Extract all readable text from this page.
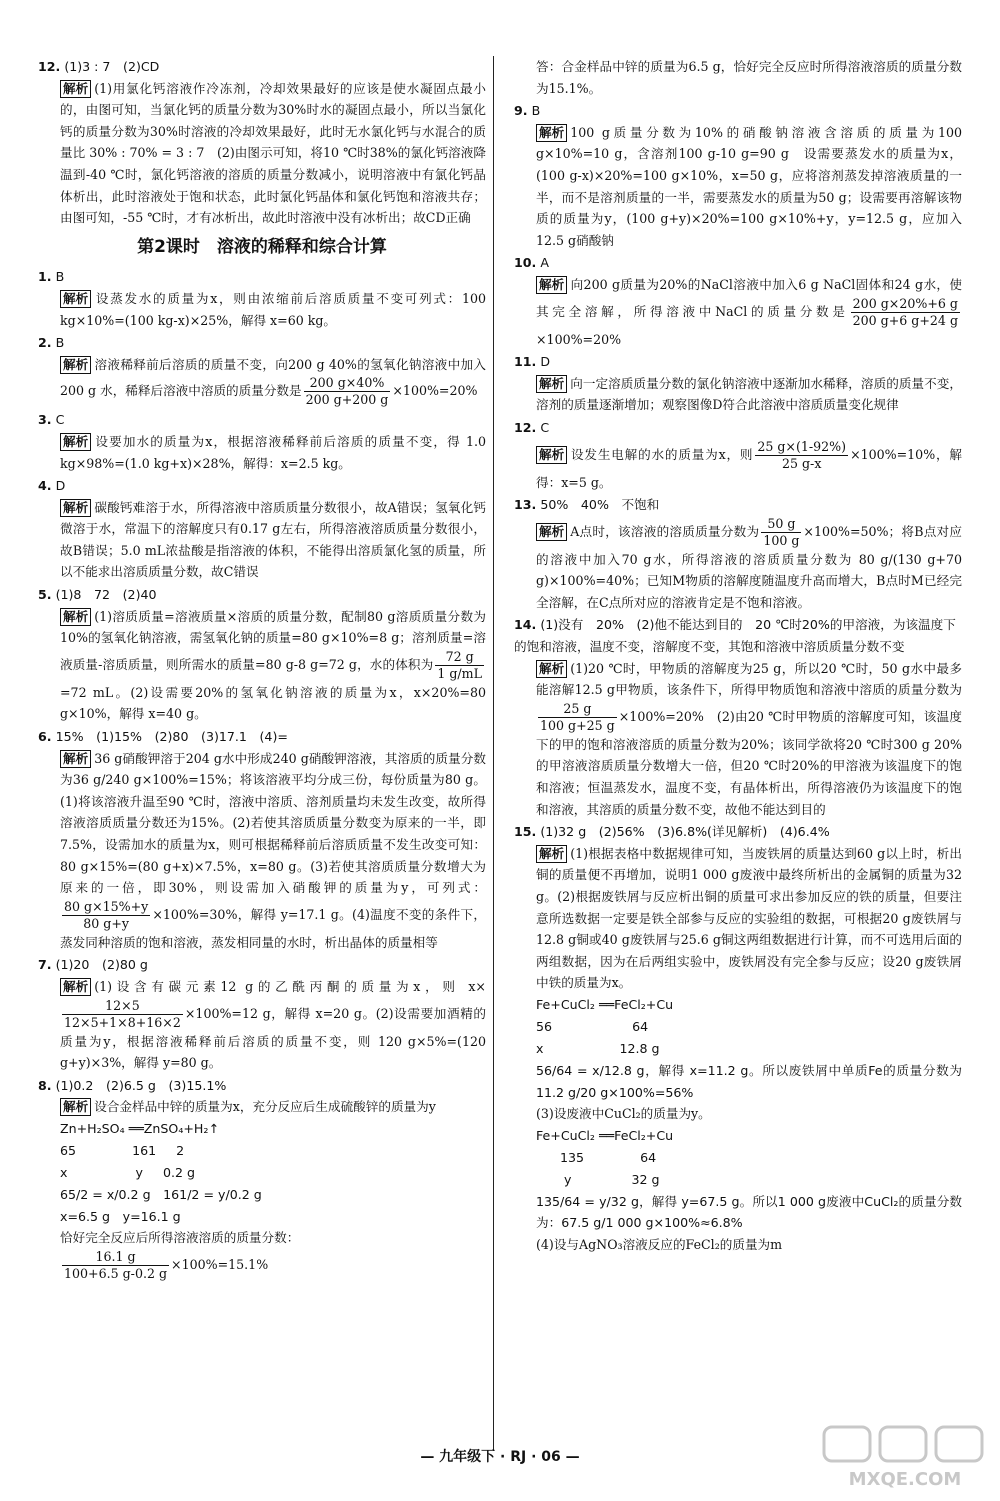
12. (1)3 : 7　(2)CD
解析 (1)用氯化钙溶液作冷冻剂，冷却效果最好的应该是使水凝固点最小的，由图可知，当氯化钙的质量分数为30%时水的凝固点最小，所以当氯化钙的质量分数为30%时溶液的冷却效果最好，此时无水氯化钙与水混合的质量比 30% : 70% = 3 : 7　(2)由图示可知，将10 ℃时38%的氯化钙溶液降温到-40 ℃时，氯化钙溶液的溶质的质量分数减小，说明溶液中有氯化钙晶体析出，此时溶液处于饱和状态，此时氯化钙晶体和氯化钙饱和溶液共存；由图可知，-55 ℃时，才有冰析出，故此时溶液中没有冰析出；故CD正确
第2课时　溶液的稀释和综合计算
1. B
解析 设蒸发水的质量为x，则由浓缩前后溶质质量不变可列式：100 kg×10%=(100 kg-x)×25%，解得 x=60 kg。
2. B
解析 溶液稀释前后溶质的质量不变，向200 g 40%的氢氧化钠溶液中加入 200 g 水，稀释后溶液中溶质的质量分数是 $\frac{200 g\times 40\%}{200 g+200 g} \times 100\%=20\%$
3. C
解析 设要加水的质量为x，根据溶液稀释前后溶质的质量不变，得 1.0 kg×98%=(1.0 kg+x)×28%，解得：x=2.5 kg。
4. D
解析 碳酸钙难溶于水，所得溶液中溶质质量分数很小，故A错误；氢氧化钙微溶于水，常温下的溶解度只有0.17 g左右，所得溶液溶质质量分数很小，故B错误；5.0 mL浓盐酸是指溶液的体积，不能得出溶质氯化氢的质量，所以不能求出溶质质量分数，故C错误
5. (1)8　72　(2)40
解析 (1)溶质质量=溶液质量×溶质的质量分数，配制80 g溶质质量分数为10%的氢氧化钠溶液，需氢氧化钠的质量=80 g×10%=8 g；溶剂质量=溶液质量-溶质质量，则所需水的质量=80 g-8 g=72 g，水的体积为 $\frac{72 g}{1 g/mL}$
=72 mL。(2)设需要20%的氢氧化钠溶液的质量为x，x×20%=80 g×10%，解得 x=40 g。
6. 15%　(1)15%　(2)80　(3)17.1　(4)=
解析 36 g硝酸钾溶于204 g水中形成240 g硝酸钾溶液，其溶质的质量分数为36 g/240 g×100%=15%；将该溶液平均分成三份，每份质量为80 g。(1)将该溶液升温至90 ℃时，溶液中溶质、溶剂质量均未发生改变，故所得溶液溶质质量分数还为15%。(2)若使其溶质质量分数变为原来的一半，即7.5%，设需加水的质量为x，则可根据稀释前后溶质质量不发生改变可知：80 g×15%=(80 g+x)×7.5%，x=80 g。(3)若使其溶质质量分数增大为原来的一倍，即30%，则设需加入硝酸钾的质量为y，可列式：
$\frac{80 g\times 15\%+y}{80 g+y} \times 100\%=30\%$，解得 y=17.1 g。(4)温度不变的条件下，蒸发同种溶质的饱和溶液，蒸发相同量的水时，析出晶体的质量相等
7. (1)20　(2)80 g
解析 (1)设含有碳元素12 g的乙酰丙酮的质量为x，则 x×
$\frac{12\times 5}{12\times 5+1\times 8+16\times 2} \times 100\%=12$ g，解得 x=20 g。(2)设需要加酒精的质量为y，根据溶液稀释前后溶质的质量不变，则 120 g×5%=(120 g+y)×3%，解得 y=80 g。
8. (1)0.2　(2)6.5 g　(3)15.1%
解析 设合金样品中锌的质量为x，充分反应后生成硫酸锌的质量为y
Zn+H₂SO₄ ══ZnSO₄+H₂↑
65              161     2
x                 y     0.2 g
65/2 = x/0.2 g　161/2 = y/0.2 g
x=6.5 g　y=16.1 g
恰好完全反应后所得溶液溶质的质量分数：
$\frac{16.1 g}{100+6.5 g-0.2 g} \times 100\%=15.1\%$
答：合金样品中锌的质量为6.5 g，恰好完全反应时所得溶液溶质的质量分数为15.1%。
9. B
解析 100 g质量分数为10%的硝酸钠溶液含溶质的质量为100 g×10%=10 g，含溶剂100 g-10 g=90 g　设需要蒸发水的质量为x，(100 g-x)×20%=100 g×10%，x=50 g，应将溶剂蒸发掉溶液质量的一半，而不是溶剂质量的一半，需要蒸发水的质量为50 g；设需要再溶解该物质的质量为y，(100 g+y)×20%=100 g×10%+y，y=12.5 g，应加入12.5 g硝酸钠
10. A
解析 向200 g质量为20%的NaCl溶液中加入6 g NaCl固体和24 g水，使其完全溶解，所得溶液中NaCl的质量分数是 $\frac{200 g\times 20\%+6 g}{200 g+6 g+24 g}$
×100%=20%
11. D
解析 向一定溶质质量分数的氯化钠溶液中逐渐加水稀释，溶质的质量不变，溶剂的质量逐渐增加；观察图像D符合此溶液中溶质质量变化规律
12. C
解析 设发生电解的水的质量为x，则 $\frac{25 g\times(1-92\%)}{25 g-x} \times 100\%=10\%$，解得：x=5 g。
13. 50%　40%　不饱和
解析 A点时，该溶液的溶质质量分数为 $\frac{50 g}{100 g} \times 100\%=50\%$；将B点对应的溶液中加入70 g水，所得溶液的溶质质量分数为 80 g/(130 g+70 g)×100%=40%；已知M物质的溶解度随温度升高而增大，B点时M已经完全溶解，在C点所对应的溶液肯定是不饱和溶液。
14. (1)没有　20%　(2)他不能达到目的　20 ℃时20%的甲溶液，为该温度下的饱和溶液，温度不变，溶解度不变，其饱和溶液中溶质质量分数不变
解析 (1)20 ℃时，甲物质的溶解度为25 g，所以20 ℃时，50 g水中最多能溶解12.5 g甲物质，该条件下，所得甲物质饱和溶液中溶质的质量分数为
$\frac{25 g}{100 g+25 g} \times 100\%=20\%$　(2)由20 ℃时甲物质的溶解度可知，该温度下的甲的饱和溶液溶质的质量分数为20%；该同学欲将20 ℃时300 g 20%的甲溶液溶质质量分数增大一倍，但20 ℃时20%的甲溶液为该温度下的饱和溶液；恒温蒸发水，温度不变，有晶体析出，所得溶液仍为该温度下的饱和溶液，其溶质的质量分数不变，故他不能达到目的
15. (1)32 g　(2)56%　(3)6.8%(详见解析)　(4)6.4%
解析 (1)根据表格中数据规律可知，当废铁屑的质量达到60 g以上时，析出铜的质量便不再增加，说明1 000 g废液中最终所析出的金属铜的质量为32 g。(2)根据废铁屑与反应析出铜的质量可求出参加反应的铁的质量，但要注意所选数据一定要是铁全部参与反应的实验组的数据，可根据20 g废铁屑与12.8 g铜或40 g废铁屑与25.6 g铜这两组数据进行计算，而不可选用后面的两组数据，因为在后两组实验中，废铁屑没有完全参与反应；设20 g废铁屑中铁的质量为x。
Fe+CuCl₂ ══FeCl₂+Cu
56                    64
x                   12.8 g
56/64 = x/12.8 g，解得 x=11.2 g。所以废铁屑中单质Fe的质量分数为 11.2 g/20 g×100%=56%
(3)设废液中CuCl₂的质量为y。
Fe+CuCl₂ ══FeCl₂+Cu
135              64
y               32 g
135/64 = y/32 g，解得 y=67.5 g。所以1 000 g废液中CuCl₂的质量分数为：67.5 g/1 000 g×100%≈6.8%
(4)设与AgNO₃溶液反应的FeCl₂的质量为m
— 九年级下 · RJ · 06 —
MXQE.COM
